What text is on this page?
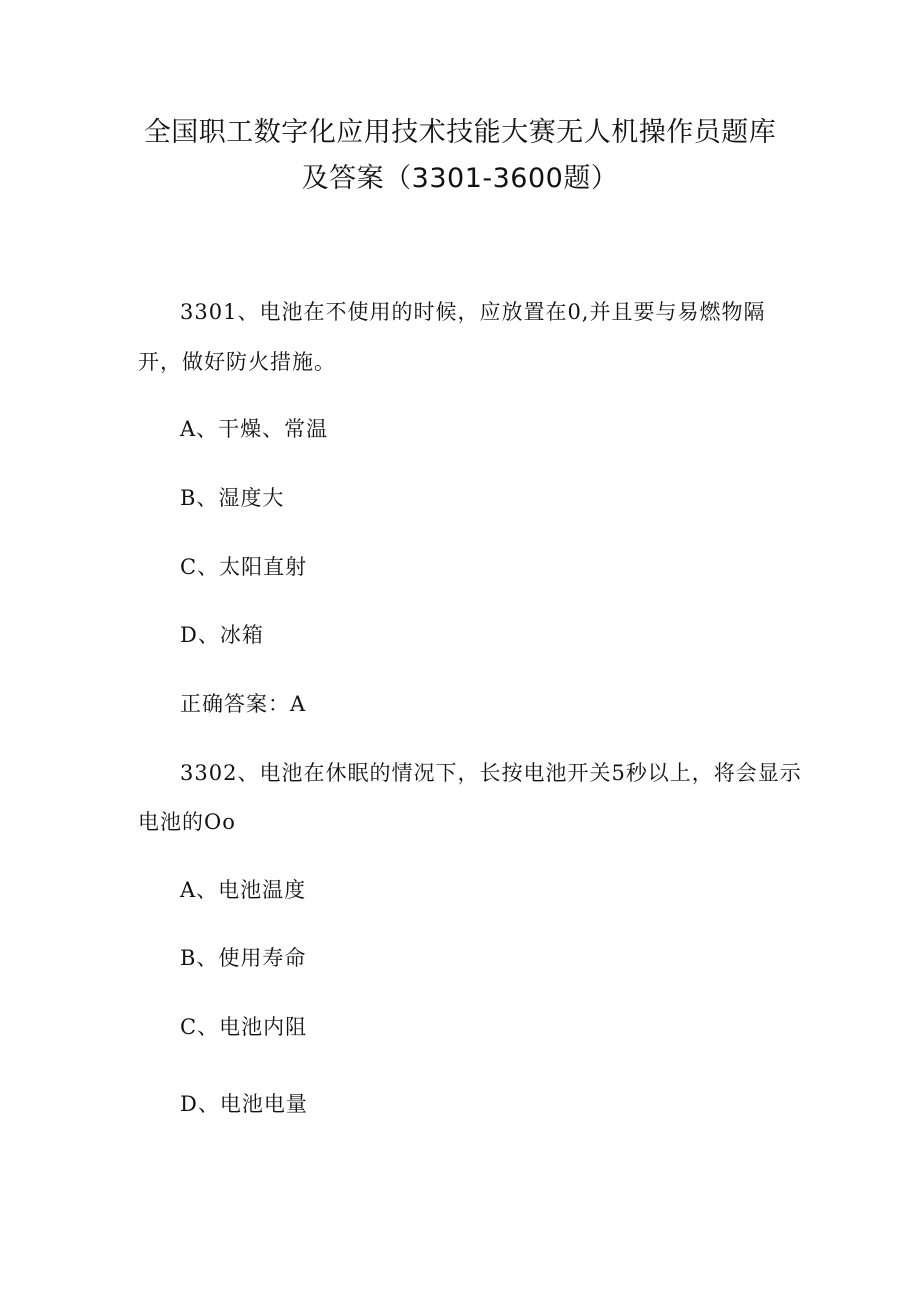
全国职工数字化应用技术技能大赛无人机操作员题库
及答案（3301-3600题）
3301、电池在不使用的时候，应放置在0,并且要与易燃物隔
开，做好防火措施。
A、干燥、常温
B、湿度大
C、太阳直射
D、冰箱
正确答案：A
3302、电池在休眠的情况下，长按电池开关5秒以上，将会显示
电池的Oo
A、电池温度
B、使用寿命
C、电池内阻
D、电池电量
